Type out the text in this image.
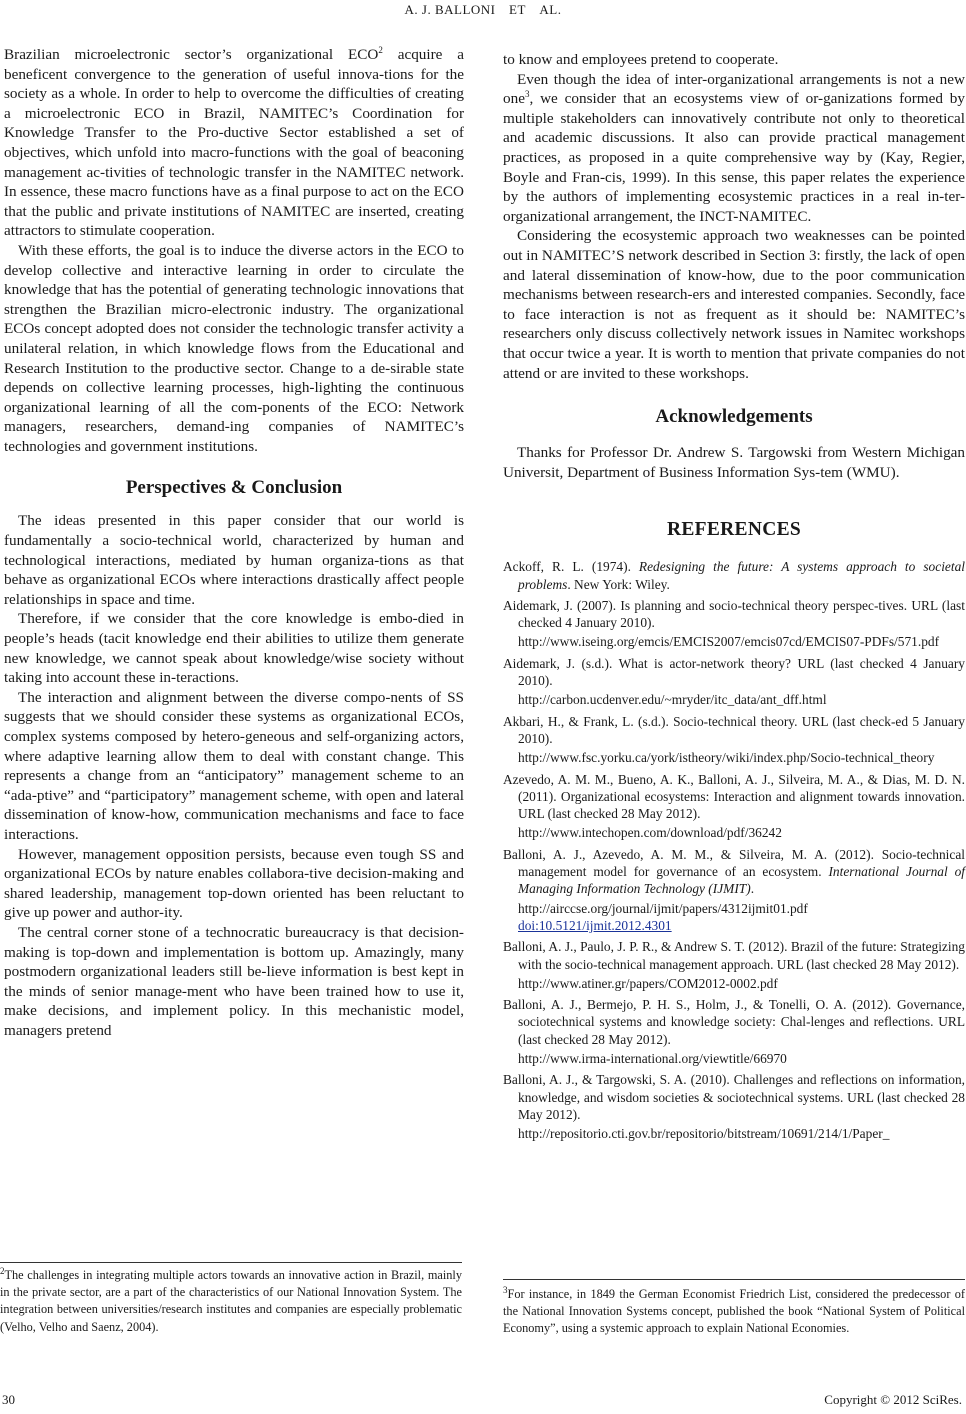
A. J. BALLONI ET AL.

Brazilian microelectronic sector’s organizational ECO$^2$ acquire a beneficent convergence to the generation of useful innova-tions for the society as a whole. In order to help to overcome the difficulties of creating a microelectronic ECO in Brazil, NAMITEC’s Coordination for Knowledge Transfer to the Pro-ductive Sector established a set of objectives, which unfold into macro-functions with the goal of beaconing management ac-tivities of technologic transfer in the NAMITEC network. In essence, these macro functions have as a final purpose to act on the ECO that the public and private institutions of NAMITEC are inserted, creating attractors to stimulate cooperation.

With these efforts, the goal is to induce the diverse actors in the ECO to develop collective and interactive learning in order to circulate the knowledge that has the potential of generating technologic innovations that strengthen the Brazilian micro-electronic industry. The organizational ECOs concept adopted does not consider the technologic transfer activity a unilateral relation, in which knowledge flows from the Educational and Research Institution to the productive sector. Change to a de-sirable state depends on collective learning processes, high-lighting the continuous organizational learning of all the com-ponents of the ECO: Network managers, researchers, demand-ing companies of NAMITEC’s technologies and government institutions.

Perspectives & Conclusion

The ideas presented in this paper consider that our world is fundamentally a socio-technical world, characterized by human and technological interactions, mediated by human organiza-tions as that behave as organizational ECOs where interactions drastically affect people relationships in space and time.

Therefore, if we consider that the core knowledge is embo-died in people’s heads (tacit knowledge end their abilities to utilize them generate new knowledge, we cannot speak about knowledge/wise society without taking into account these in-teractions.

The interaction and alignment between the diverse compo-nents of SS suggests that we should consider these systems as organizational ECOs, complex systems composed by hetero-geneous and self-organizing actors, where adaptive learning allow them to deal with constant change. This represents a change from an “anticipatory” management scheme to an “ada-ptive” and “participatory” management scheme, with open and lateral dissemination of know-how, communication mechanisms and face to face interactions.

However, management opposition persists, because even tough SS and organizational ECOs by nature enables collabora-tive decision-making and shared leadership, management top-down oriented has been reluctant to give up power and author-ity.

The central corner stone of a technocratic bureaucracy is that decision-making is top-down and implementation is bottom up. Amazingly, many postmodern organizational leaders still be-lieve information is best kept in the minds of senior manage-ment who have been trained how to use it, make decisions, and implement policy. In this mechanistic model, managers pretend

$^2$The challenges in integrating multiple actors towards an innovative action in Brazil, mainly in the private sector, are a part of the characteristics of our National Innovation System. The integration between universities/research institutes and companies are especially problematic (Velho, Velho and Saenz, 2004).

to know and employees pretend to cooperate.

Even though the idea of inter-organizational arrangements is not a new one$^3$, we consider that an ecosystems view of or-ganizations formed by multiple stakeholders can innovatively contribute not only to theoretical and academic discussions. It also can provide practical management practices, as proposed in a quite comprehensive way by (Kay, Regier, Boyle and Fran-cis, 1999). In this sense, this paper relates the experience by the authors of implementing ecosystemic practices in a real in-ter-organizational arrangement, the INCT-NAMITEC.

Considering the ecosystemic approach two weaknesses can be pointed out in NAMITEC’S network described in Section 3: firstly, the lack of open and lateral dissemination of know-how, due to the poor communication mechanisms between research-ers and interested companies. Secondly, face to face interaction is not as frequent as it should be: NAMITEC’s researchers only discuss collectively network issues in Namitec workshops that occur twice a year. It is worth to mention that private companies do not attend or are invited to these workshops.

Acknowledgements

Thanks for Professor Dr. Andrew S. Targowski from Western Michigan Universit, Department of Business Information Sys-tem (WMU).

REFERENCES
Ackoff, R. L. (1974). Redesigning the future: A systems approach to societal problems. New York: Wiley.
Aidemark, J. (2007). Is planning and socio-technical theory perspec-tives. URL (last checked 4 January 2010).
http://www.iseing.org/emcis/EMCIS2007/emcis07cd/EMCIS07-PDFs/571.pdf
Aidemark, J. (s.d.). What is actor-network theory? URL (last checked 4 January 2010).
http://carbon.ucdenver.edu/~mryder/itc_data/ant_dff.html
Akbari, H., & Frank, L. (s.d.). Socio-technical theory. URL (last check-ed 5 January 2010).
http://www.fsc.yorku.ca/york/istheory/wiki/index.php/Socio-technical_theory
Azevedo, A. M. M., Bueno, A. K., Balloni, A. J., Silveira, M. A., & Dias, M. D. N. (2011). Organizational ecosystems: Interaction and alignment towards innovation. URL (last checked 28 May 2012).
http://www.intechopen.com/download/pdf/36242
Balloni, A. J., Azevedo, A. M. M., & Silveira, M. A. (2012). Socio-technical management model for governance of an ecosystem. International Journal of Managing Information Technology (IJMIT).
http://airccse.org/journal/ijmit/papers/4312ijmit01.pdf
doi:10.5121/ijmit.2012.4301
Balloni, A. J., Paulo, J. P. R., & Andrew S. T. (2012). Brazil of the future: Strategizing with the socio-technical management approach. URL (last checked 28 May 2012).
http://www.atiner.gr/papers/COM2012-0002.pdf
Balloni, A. J., Bermejo, P. H. S., Holm, J., & Tonelli, O. A. (2012). Governance, sociotechnical systems and knowledge society: Chal-lenges and reflections. URL (last checked 28 May 2012).
http://www.irma-international.org/viewtitle/66970
Balloni, A. J., & Targowski, S. A. (2010). Challenges and reflections on information, knowledge, and wisdom societies & sociotechnical systems. URL (last checked 28 May 2012).
http://repositorio.cti.gov.br/repositorio/bitstream/10691/214/1/Paper_
$^3$For instance, in 1849 the German Economist Friedrich List, considered the predecessor of the National Innovation Systems concept, published the book “National System of Political Economy”, using a systemic approach to explain National Economies.
30	Copyright © 2012 SciRes.
